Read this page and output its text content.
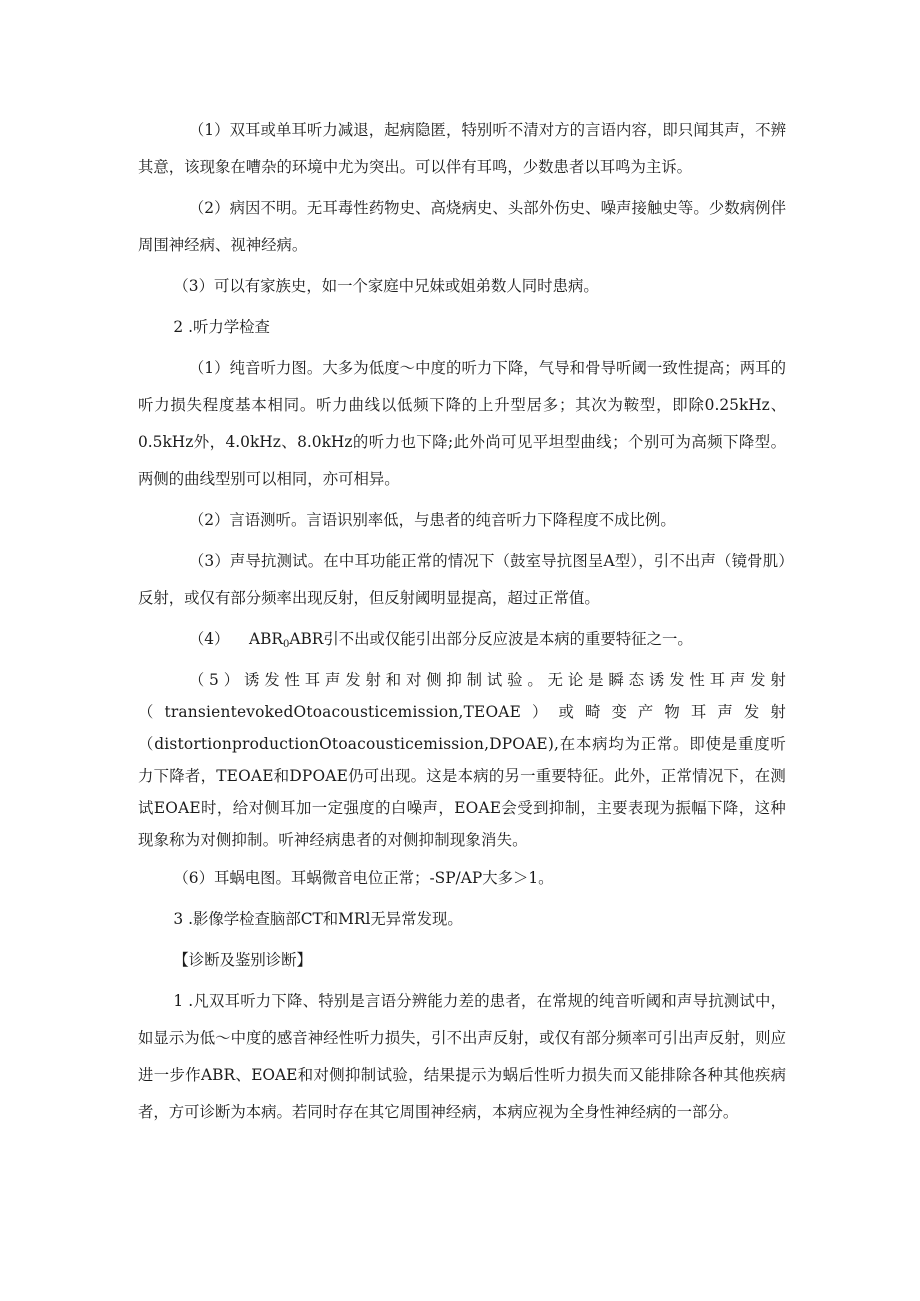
（1）双耳或单耳听力减退，起病隐匿，特别听不清对方的言语内容，即只闻其声，不辨其意，该现象在嘈杂的环境中尤为突出。可以伴有耳鸣，少数患者以耳鸣为主诉。

（2）病因不明。无耳毒性药物史、高烧病史、头部外伤史、噪声接触史等。少数病例伴周围神经病、视神经病。

（3）可以有家族史，如一个家庭中兄妹或姐弟数人同时患病。

2 .听力学检查

（1）纯音听力图。大多为低度～中度的听力下降，气导和骨导听阈一致性提高；两耳的听力损失程度基本相同。听力曲线以低频下降的上升型居多；其次为鞍型，即除0.25kHz、0.5kHz外，4.0kHz、8.0kHz的听力也下降;此外尚可见平坦型曲线；个别可为高频下降型。两侧的曲线型别可以相同，亦可相异。

（2）言语测听。言语识别率低，与患者的纯音听力下降程度不成比例。

（3）声导抗测试。在中耳功能正常的情况下（鼓室导抗图呈A型），引不出声（镜骨肌）反射，或仅有部分频率出现反射，但反射阈明显提高，超过正常值。

（4） $ABR_0ABR$引不出或仅能引出部分反应波是本病的重要特征之一。

（5）诱发性耳声发射和对侧抑制试验。无论是瞬态诱发性耳声发射（transientevokedOtoacousticemission,TEOAE）或畸变产物耳声发射（distortionproductionOtoacousticemission,DPOAE),在本病均为正常。即使是重度听力下降者，TEOAE和DPOAE仍可出现。这是本病的另一重要特征。此外，正常情况下，在测试EOAE时，给对侧耳加一定强度的白噪声，EOAE会受到抑制，主要表现为振幅下降，这种现象称为对侧抑制。听神经病患者的对侧抑制现象消失。

（6）耳蜗电图。耳蜗微音电位正常；-SP/AP大多＞1。

3 .影像学检查脑部CT和MRl无异常发现。

【诊断及鉴别诊断】

1 .凡双耳听力下降、特别是言语分辨能力差的患者，在常规的纯音听阈和声导抗测试中，如显示为低～中度的感音神经性听力损失，引不出声反射，或仅有部分频率可引出声反射，则应进一步作ABR、EOAE和对侧抑制试验，结果提示为蜗后性听力损失而又能排除各种其他疾病者，方可诊断为本病。若同时存在其它周围神经病，本病应视为全身性神经病的一部分。
